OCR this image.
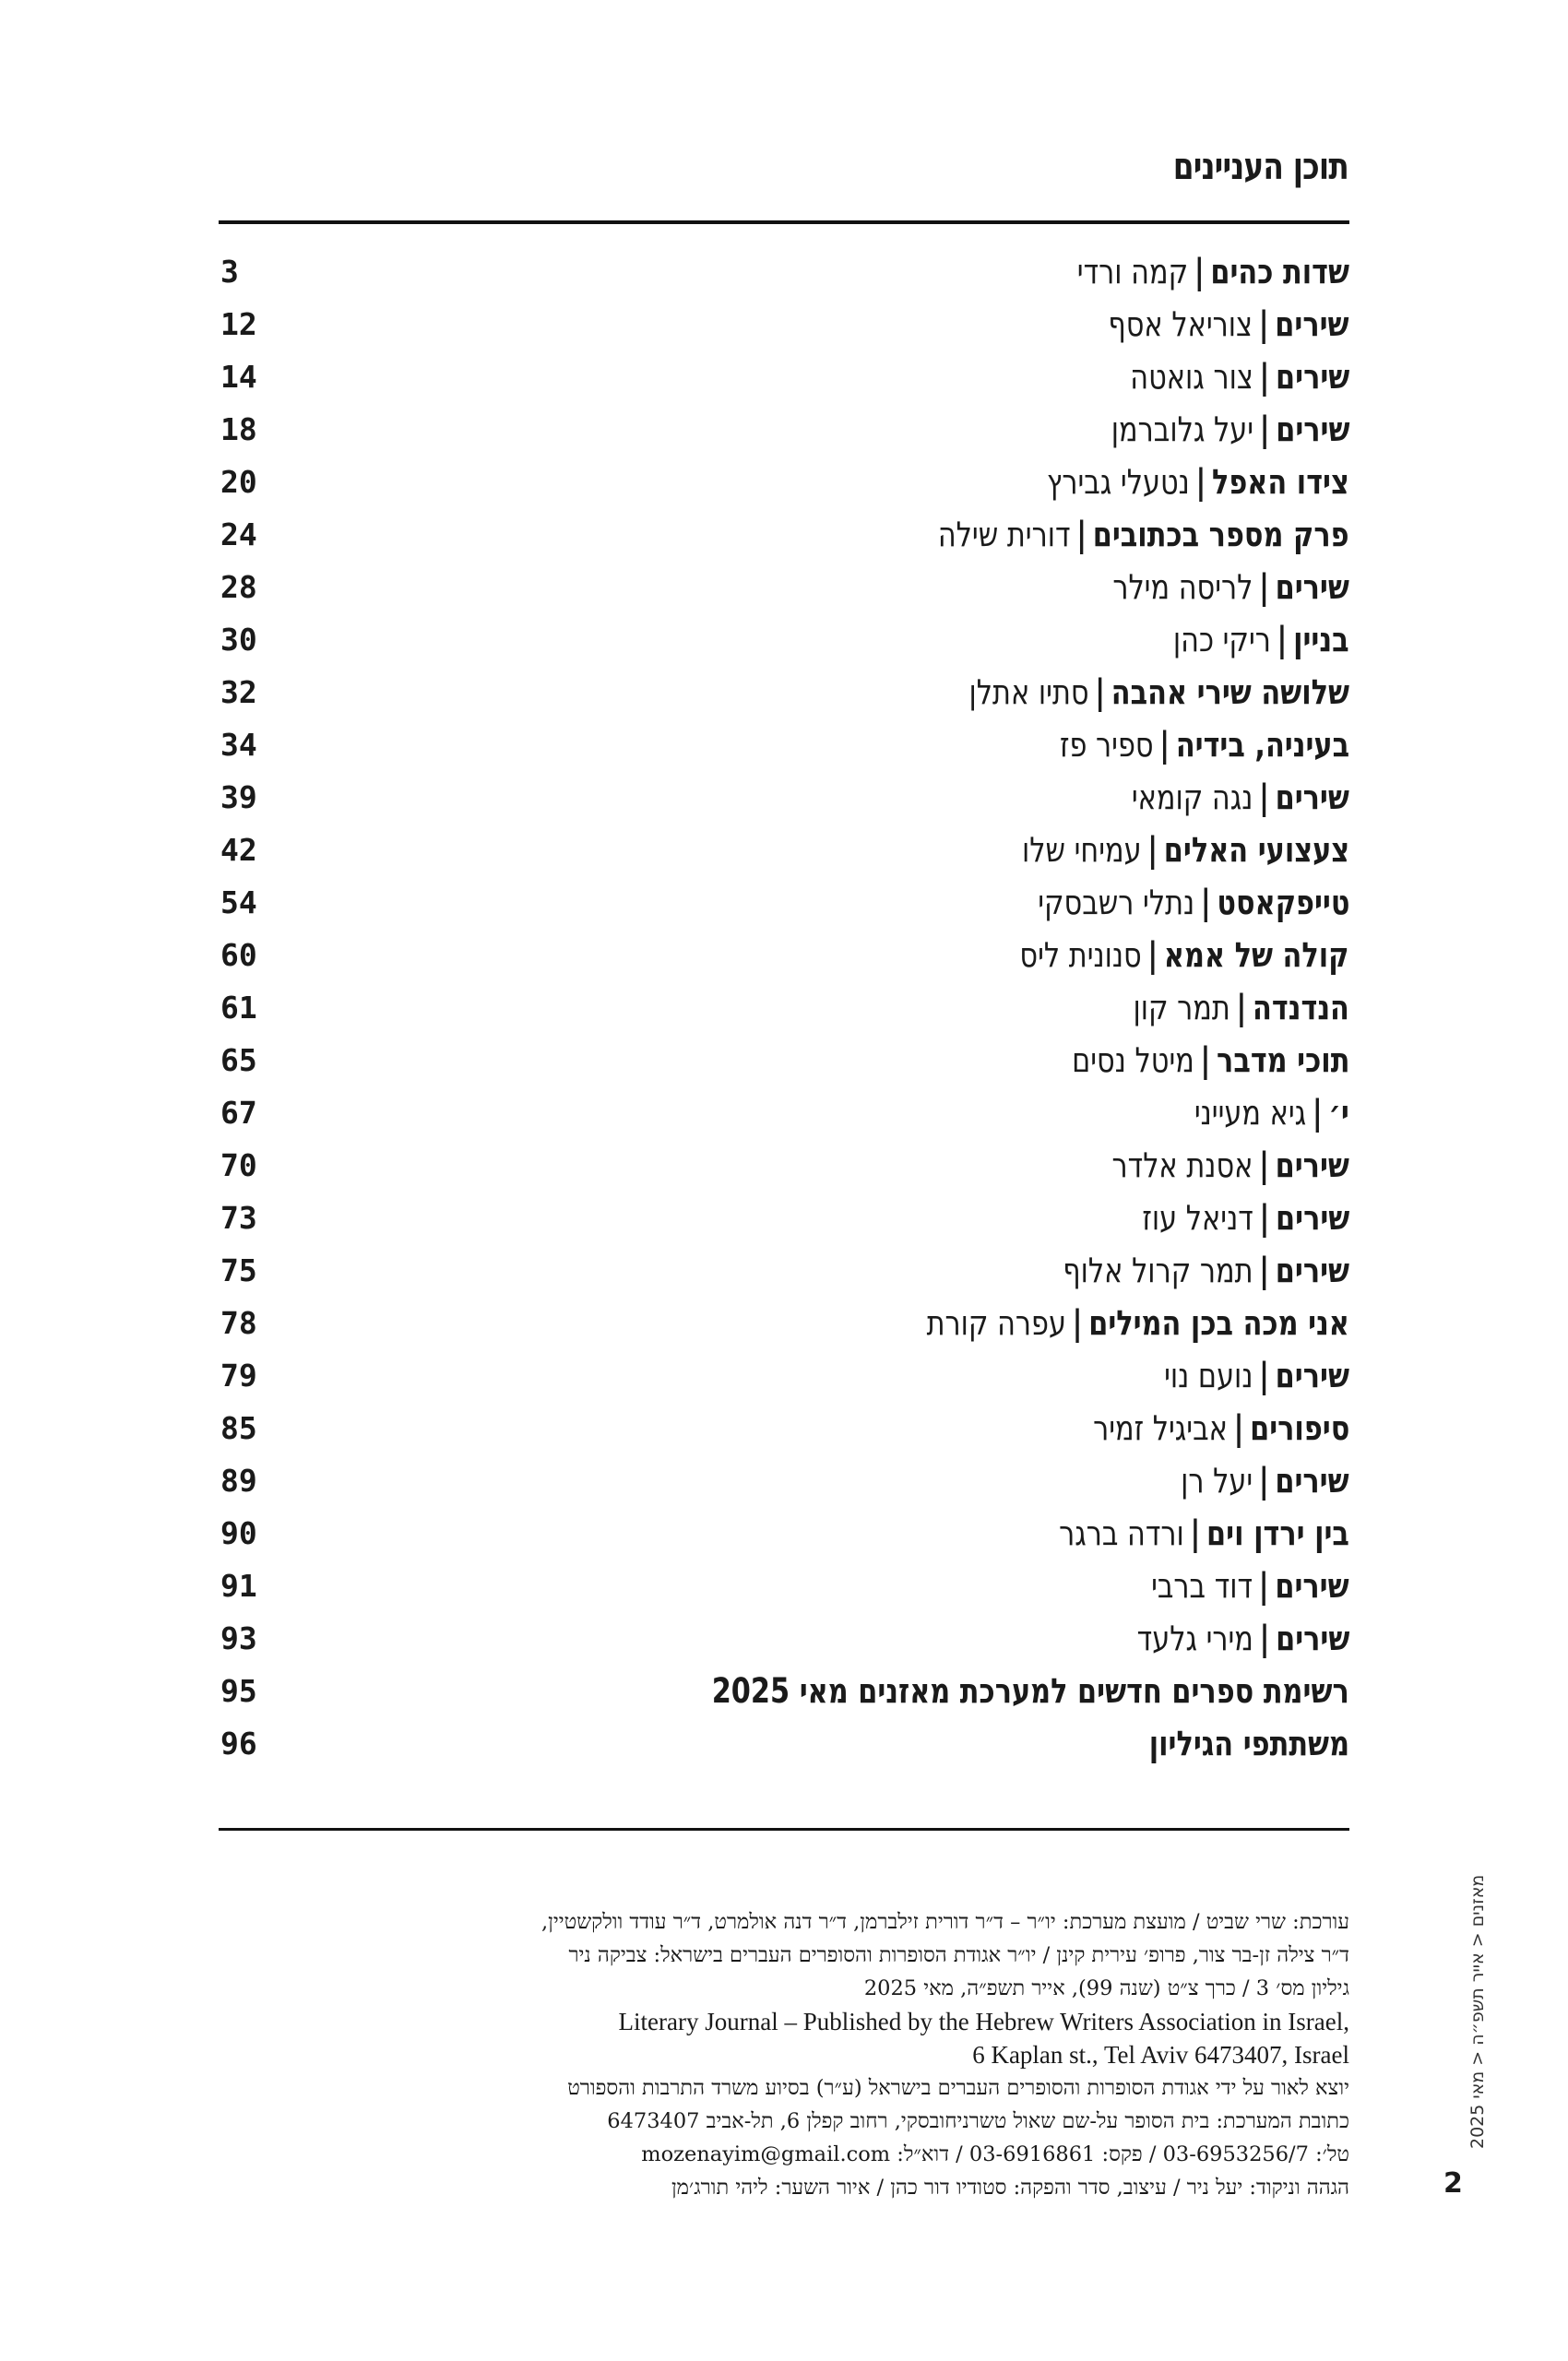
תוכן העניינים
3	שדות כהים|קמה ורדי
12	שירים|צוריאל אסף
14	שירים|צור גואטה
18	שירים|יעל גלוברמן
20	צידו האפל|נטעלי גבירץ
24	פרק מספר בכתובים|דורית שילה
28	שירים|לריסה מילר
30	בניין|ריקי כהן
32	שלושה שירי אהבה|סתיו אתלן
34	בעיניה, בידיה|ספיר פז
39	שירים|נגה קומאי
42	צעצועי האלים|עמיחי שלו
54	טייפקאסט|נתלי רשבסקי
60	קולה של אמא|סנונית ליס
61	הנדנדה|תמר קון
65	תוכי מדבר|מיטל נסים
67	י׳|גיא מעייני
70	שירים|אסנת אלדר
73	שירים|דניאל עוז
75	שירים|תמר קרול אלוף
78	אני מכה בכן המילים|עפרה קורת
79	שירים|נועם נוי
85	סיפורים|אביגיל זמיר
89	שירים|יעל רן
90	בין ירדן וים|ורדה ברגר
91	שירים|דוד ברבי
93	שירים|מירי גלעד
95	רשימת ספרים חדשים למערכת מאזנים מאי 2025
96	משתתפי הגיליון
עורכת: שרי שביט / מועצת מערכת: יו״ר – ד״ר דורית זילברמן, ד״ר דנה אולמרט, ד״ר עודד וולקשטיין,
ד״ר צילה זן-בר צור, פרופ׳ עירית קינן / יו״ר אגודת הסופרות והסופרים העברים בישראל: צביקה ניר
גיליון מס׳ 3 / כרך צ״ט (שנה 99), אייר תשפ״ה, מאי 2025
Literary Journal – Published by the Hebrew Writers Association in Israel,
6 Kaplan st., Tel Aviv 6473407, Israel
יוצא לאור על ידי אגודת הסופרות והסופרים העברים בישראל (ע״ר) בסיוע משרד התרבות והספורט
כתובת המערכת: בית הסופר על-שם שאול טשרניחובסקי, רחוב קפלן 6, תל-אביב 6473407
טל׳: 03-6953256/7 / פקס: 03-6916861 / דוא״ל: mozenayim@gmail.com
הגהה וניקוד: יעל ניר / עיצוב, סדר והפקה: סטודיו דור כהן / איור השער: ליהי תורג׳מן
מאזנים < אייר תשפ״ה < מאי 2025
2
